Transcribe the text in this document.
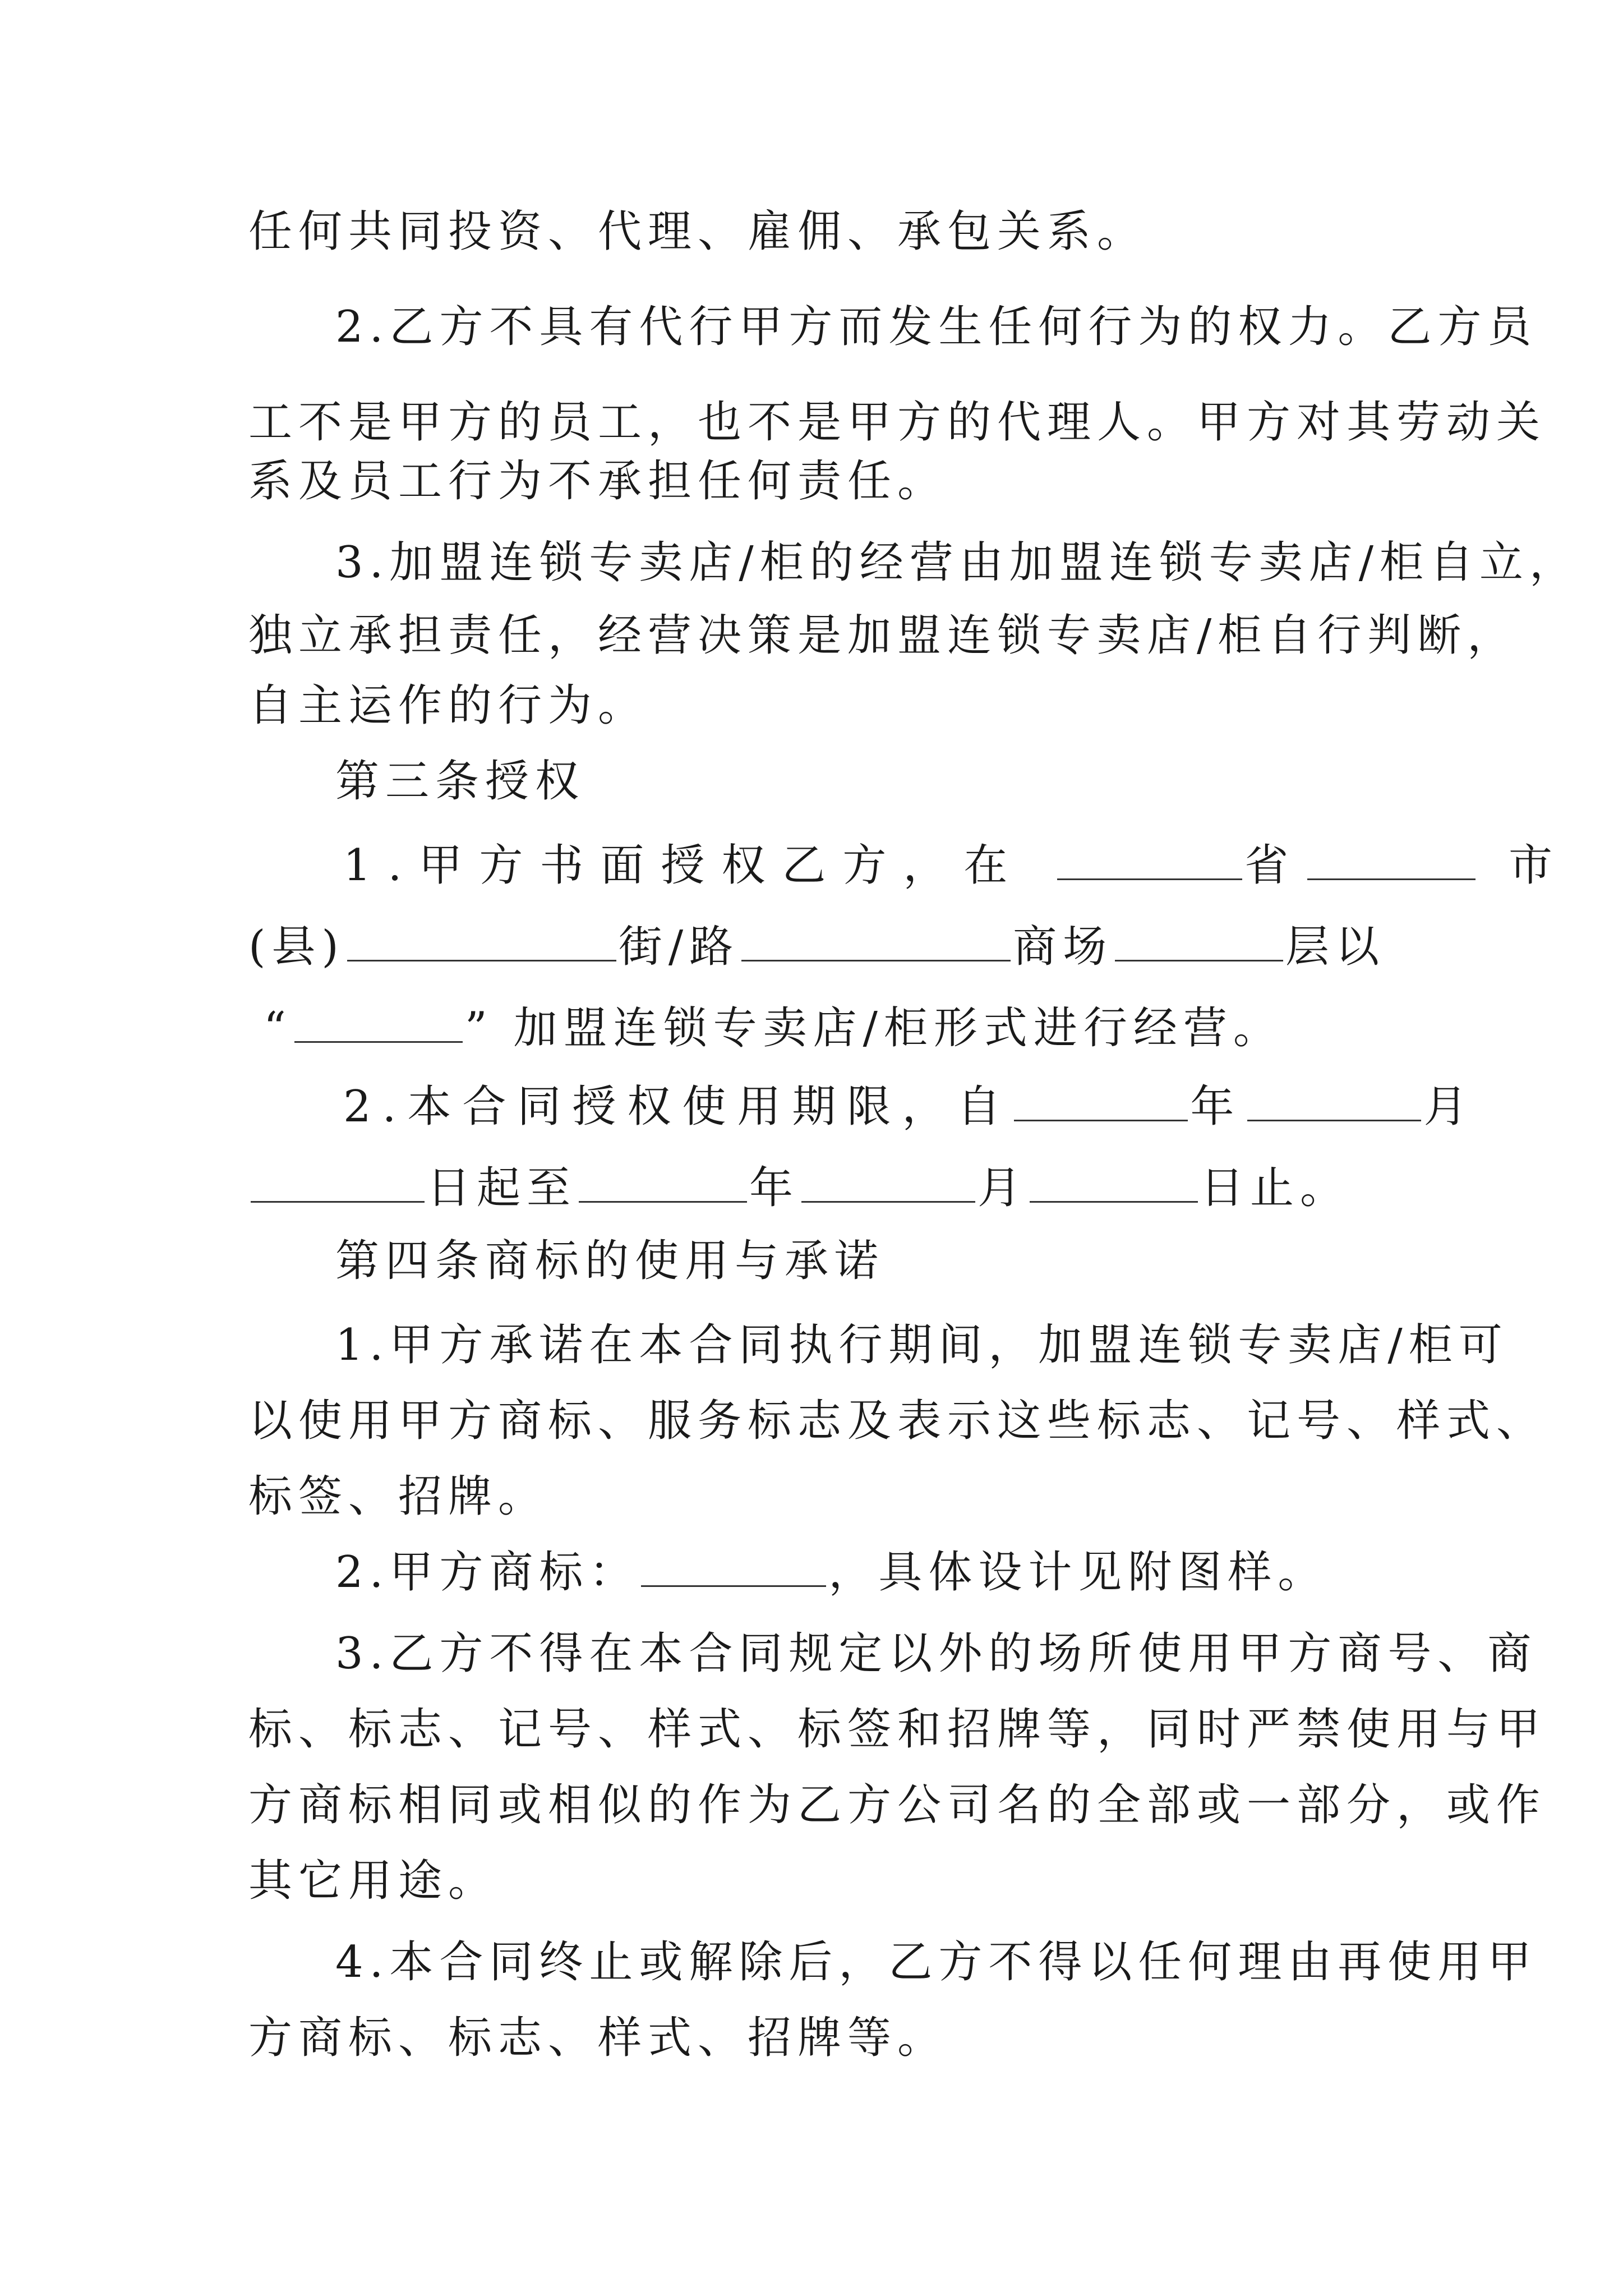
任何共同投资、代理、雇佣、承包关系。

2.乙方不具有代行甲方而发生任何行为的权力。乙方员

工不是甲方的员工，也不是甲方的代理人。甲方对其劳动关

系及员工行为不承担任何责任。

3.加盟连锁专卖店/柜的经营由加盟连锁专卖店/柜自立，

独立承担责任，经营决策是加盟连锁专卖店/柜自行判断，

自主运作的行为。

第三条授权

1.甲方书面授权乙方，在	省	市

(县)	街/路	商场	层以

“	” 加盟连锁专卖店/柜形式进行经营。

2.本合同授权使用期限，自	年	月

日起至	年	月	日止。

第四条商标的使用与承诺

1.甲方承诺在本合同执行期间，加盟连锁专卖店/柜可

以使用甲方商标、服务标志及表示这些标志、记号、样式、

标签、招牌。

2.甲方商标：	，具体设计见附图样。

3.乙方不得在本合同规定以外的场所使用甲方商号、商

标、标志、记号、样式、标签和招牌等，同时严禁使用与甲

方商标相同或相似的作为乙方公司名的全部或一部分，或作

其它用途。

4.本合同终止或解除后，乙方不得以任何理由再使用甲

方商标、标志、样式、招牌等。
